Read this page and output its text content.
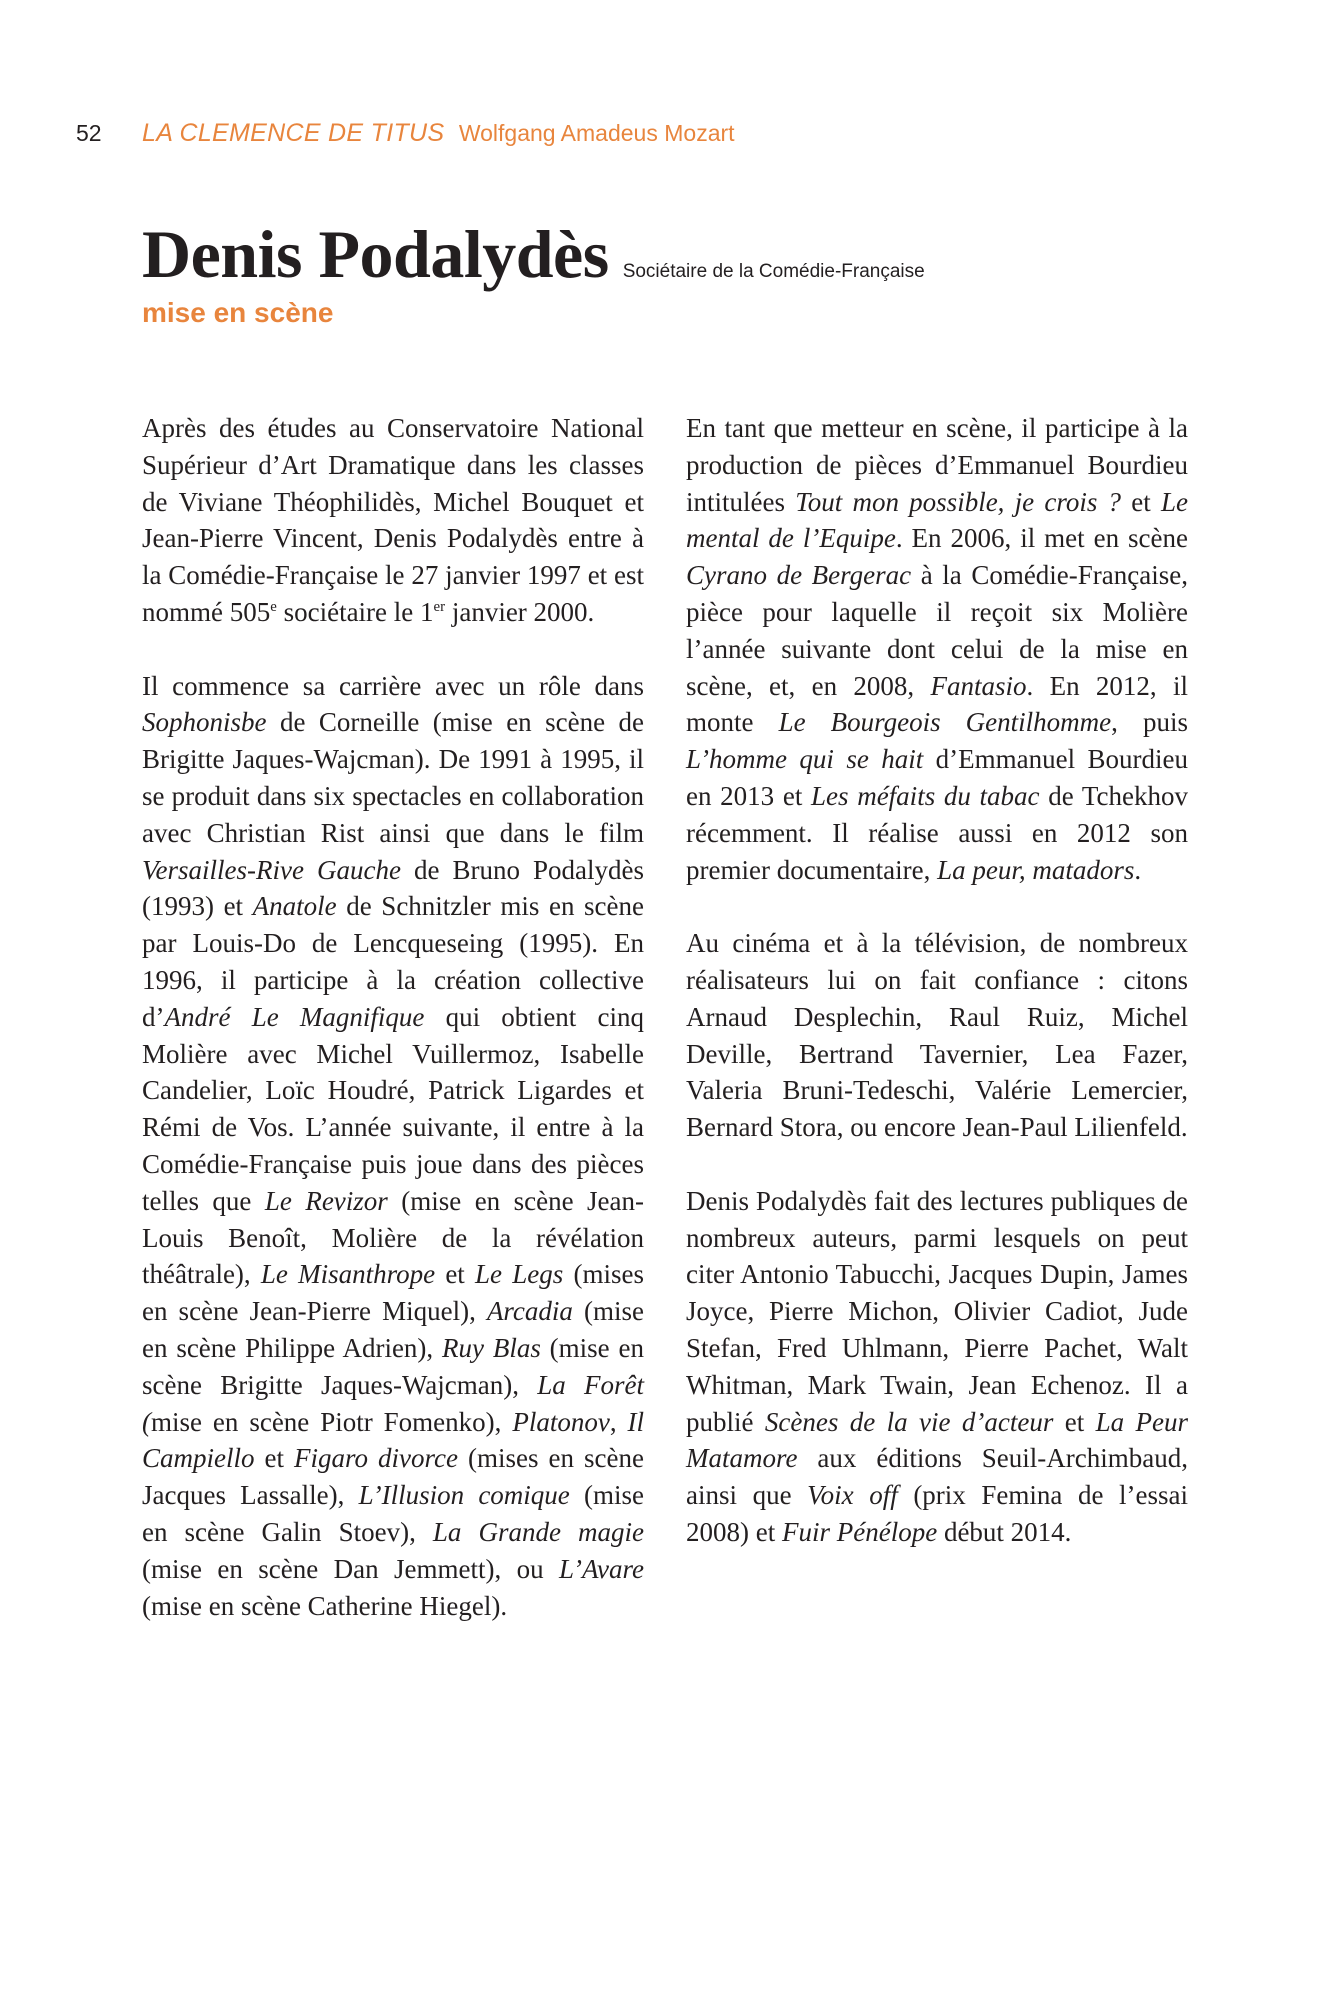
52 LA CLEMENCE DE TITUS Wolfgang Amadeus Mozart
Denis Podalydès Sociétaire de la Comédie-Française
mise en scène

Après des études au Conservatoire National Supérieur d’Art Dramatique dans les classes de Viviane Théophilidès, Michel Bouquet et Jean-Pierre Vincent, Denis Podalydès entre à la Comédie-Française le 27 janvier 1997 et est nommé 505e sociétaire le 1er janvier 2000.

Il commence sa carrière avec un rôle dans Sophonisbe de Corneille (mise en scène de Brigitte Jaques-Wajcman). De 1991 à 1995, il se produit dans six spectacles en collaboration avec Christian Rist ainsi que dans le film Versailles-Rive Gauche de Bruno Podalydès (1993) et Anatole de Schnitzler mis en scène par Louis-Do de Lencqueseing (1995). En 1996, il participe à la création collective d’André Le Magnifique qui obtient cinq Molière avec Michel Vuillermoz, Isabelle Candelier, Loïc Houdré, Patrick Ligardes et Rémi de Vos. L’année suivante, il entre à la Comédie-Française puis joue dans des pièces telles que Le Revizor (mise en scène Jean-Louis Benoît, Molière de la révélation théâtrale), Le Misanthrope et Le Legs (mises en scène Jean-Pierre Miquel), Arcadia (mise en scène Philippe Adrien), Ruy Blas (mise en scène Brigitte Jaques-Wajcman), La Forêt (mise en scène Piotr Fomenko), Platonov, Il Campiello et Figaro divorce (mises en scène Jacques Lassalle), L’Illusion comique (mise en scène Galin Stoev), La Grande magie (mise en scène Dan Jemmett), ou L’Avare (mise en scène Catherine Hiegel).

En tant que metteur en scène, il participe à la production de pièces d’Emmanuel Bourdieu intitulées Tout mon possible, je crois ? et Le mental de l’Equipe. En 2006, il met en scène Cyrano de Bergerac à la Comédie-Française, pièce pour laquelle il reçoit six Molière l’année suivante dont celui de la mise en scène, et, en 2008, Fantasio. En 2012, il monte Le Bourgeois Gentilhomme, puis L’homme qui se hait d’Emmanuel Bourdieu en 2013 et Les méfaits du tabac de Tchekhov récemment. Il réalise aussi en 2012 son premier documentaire, La peur, matadors.

Au cinéma et à la télévision, de nombreux réalisateurs lui on fait confiance : citons Arnaud Desplechin, Raul Ruiz, Michel Deville, Bertrand Tavernier, Lea Fazer, Valeria Bruni-Tedeschi, Valérie Lemercier, Bernard Stora, ou encore Jean-Paul Lilienfeld.

Denis Podalydès fait des lectures publiques de nombreux auteurs, parmi lesquels on peut citer Antonio Tabucchi, Jacques Dupin, James Joyce, Pierre Michon, Olivier Cadiot, Jude Stefan, Fred Uhlmann, Pierre Pachet, Walt Whitman, Mark Twain, Jean Echenoz. Il a publié Scènes de la vie d’acteur et La Peur Matamore aux éditions Seuil-Archimbaud, ainsi que Voix off (prix Femina de l’essai 2008) et Fuir Pénélope début 2014.
